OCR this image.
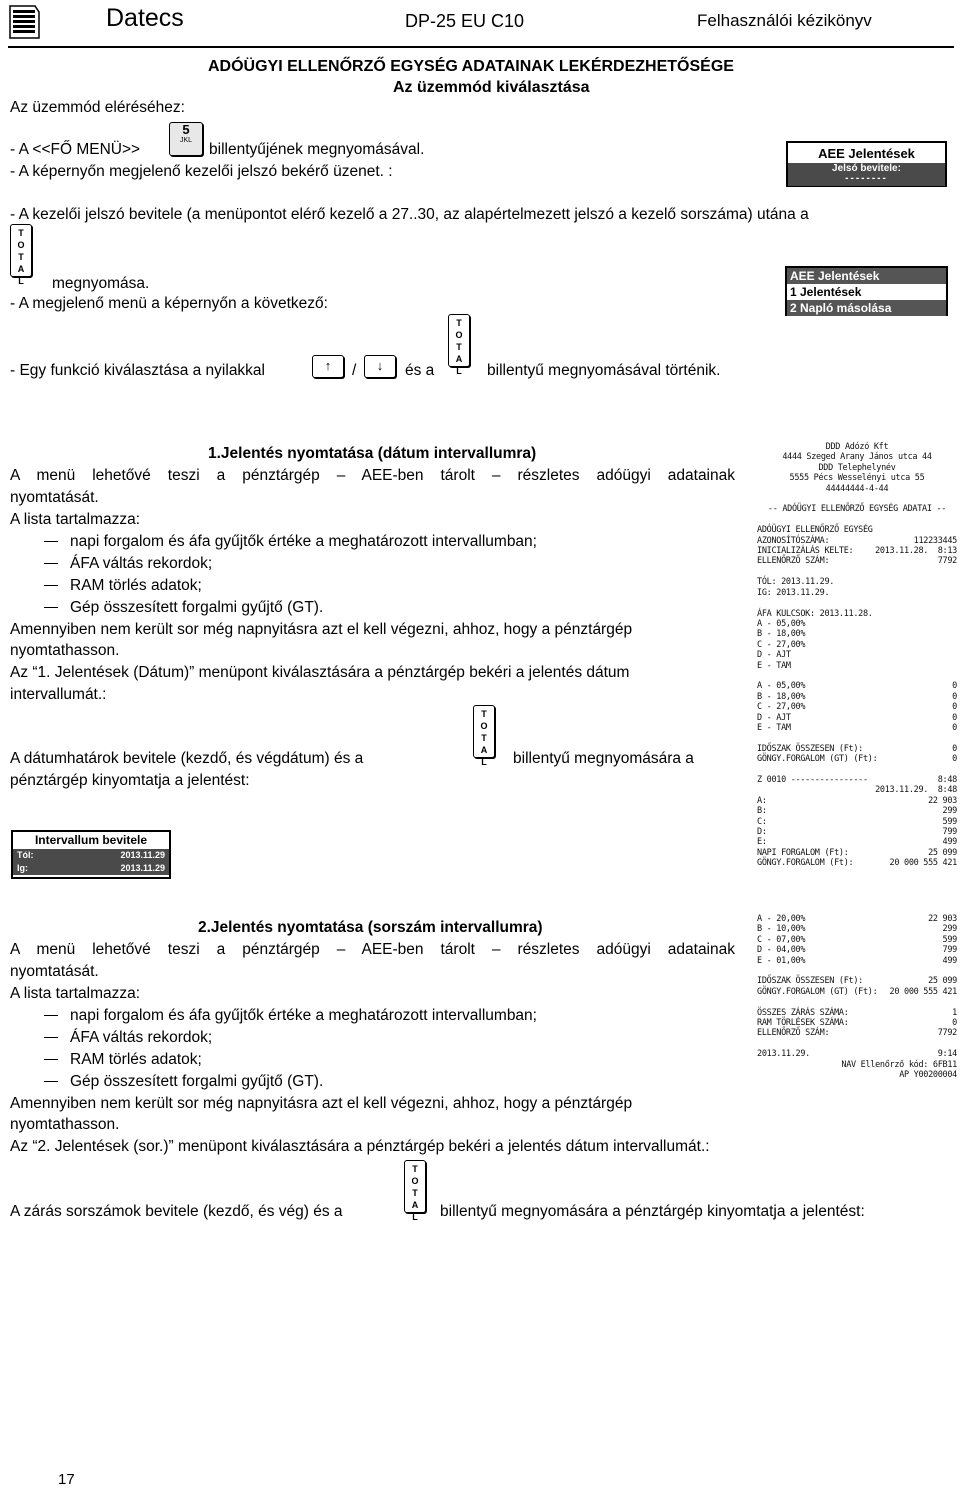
Datecs	DP-25 EU C10	Felhasználói kézikönyv
ADÓÜGYI ELLENŐRZŐ EGYSÉG ADATAINAK LEKÉRDEZHETŐSÉGE
Az üzemmód kiválasztása
Az üzemmód eléréséhez:
- A <<FŐ MENÜ>>
5
JKL
billentyűjének megnyomásával.
- A képernyőn megjelenő kezelői jelszó bekérő üzenet. :
AEE Jelentések
Jelsó bevitele:
--------
- A kezelői jelszó bevitele (a menüpontot elérő kezelő a 27..30, az alapértelmezett jelszó a kezelő sorszáma) utána a
T
O
T
A
L	megnyomása.
- A megjelenő menü a képernyőn a következő:
AEE Jelentések
1 Jelentések
2 Napló másolása
- Egy funkció kiválasztása a nyilakkal	↑	/	↓	és a
T
O
T
A
L	billentyű megnyomásával történik.
1.Jelentés nyomtatása (dátum intervallumra)
A menü lehetővé teszi a pénztárgép – AEE-ben tárolt – részletes adóügyi adatainak
nyomtatását.
A lista tartalmazza:
napi forgalom és áfa gyűjtők értéke a meghatározott intervallumban;
ÁFA váltás rekordok;
RAM törlés adatok;
Gép összesített forgalmi gyűjtő (GT).
Amennyiben nem került sor még napnyitásra azt el kell végezni, ahhoz, hogy a pénztárgép
nyomtathasson.
Az “1. Jelentések (Dátum)” menüpont kiválasztására a pénztárgép bekéri a jelentés dátum
intervallumát.:
A dátumhatárok bevitele (kezdő, és végdátum) és a
T
O
T
A
L	billentyű megnyomására a
pénztárgép kinyomtatja a jelentést:
Intervallum bevitele
Tól:	2013.11.29
Ig:	2013.11.29
DDD Adózó Kft
4444 Szeged Arany János utca 44
DDD Telephelynév
5555 Pécs Wesselényi utca 55
44444444-4-44

-- ADÓÜGYI ELLENŐRZŐ EGYSÉG ADATAI --

ADÓÜGYI ELLENŐRZŐ EGYSÉG
AZONOSÍTÓSZÁMA:	112233445
INICIALIZÁLÁS KELTE:	2013.11.28.  8:13
ELLENŐRZŐ SZÁM:	7792

TÓL: 2013.11.29.
IG: 2013.11.29.

ÁFA KULCSOK: 2013.11.28.
A - 05,00%
B - 18,00%
C - 27,00%
D - AJT
E - TAM

A - 05,00%	0
B - 18,00%	0
C - 27,00%	0
D - AJT	0
E - TAM	0

IDŐSZAK ÖSSZESEN (Ft):	0
GÖNGY.FORGALOM (GT) (Ft):	0

Z 0010 ----------------	8:48

2013.11.29.  8:48
A:	22 903
B:	299
C:	599
D:	799
E:	499
NAPI FORGALOM (Ft):	25 099
GÖNGY.FORGALOM (Ft):	20 000 555 421
A - 20,00%	22 903
B - 10,00%	299
C - 07,00%	599
D - 04,00%	799
E - 01,00%	499

IDŐSZAK ÖSSZESEN (Ft):	25 099
GÖNGY.FORGALOM (GT) (Ft): 20 000 555 421

ÖSSZES ZÁRÁS SZÁMA:	1
RAM TÖRLÉSEK SZÁMA:	0
ELLENŐRZŐ SZÁM:	7792

2013.11.29.	9:14

NAV Ellenőrző kód: 6FB11

AP Y00200004
2.Jelentés nyomtatása (sorszám intervallumra)
A menü lehetővé teszi a pénztárgép – AEE-ben tárolt – részletes adóügyi adatainak
nyomtatását.
A lista tartalmazza:
napi forgalom és áfa gyűjtők értéke a meghatározott intervallumban;
ÁFA váltás rekordok;
RAM törlés adatok;
Gép összesített forgalmi gyűjtő (GT).
Amennyiben nem került sor még napnyitásra azt el kell végezni, ahhoz, hogy a pénztárgép
nyomtathasson.
Az “2. Jelentések (sor.)” menüpont kiválasztására a pénztárgép bekéri a jelentés dátum intervallumát.:
T
O
T
A
L
A zárás sorszámok bevitele (kezdő, és vég) és a	billentyű megnyomására a pénztárgép kinyomtatja a jelentést:
17
